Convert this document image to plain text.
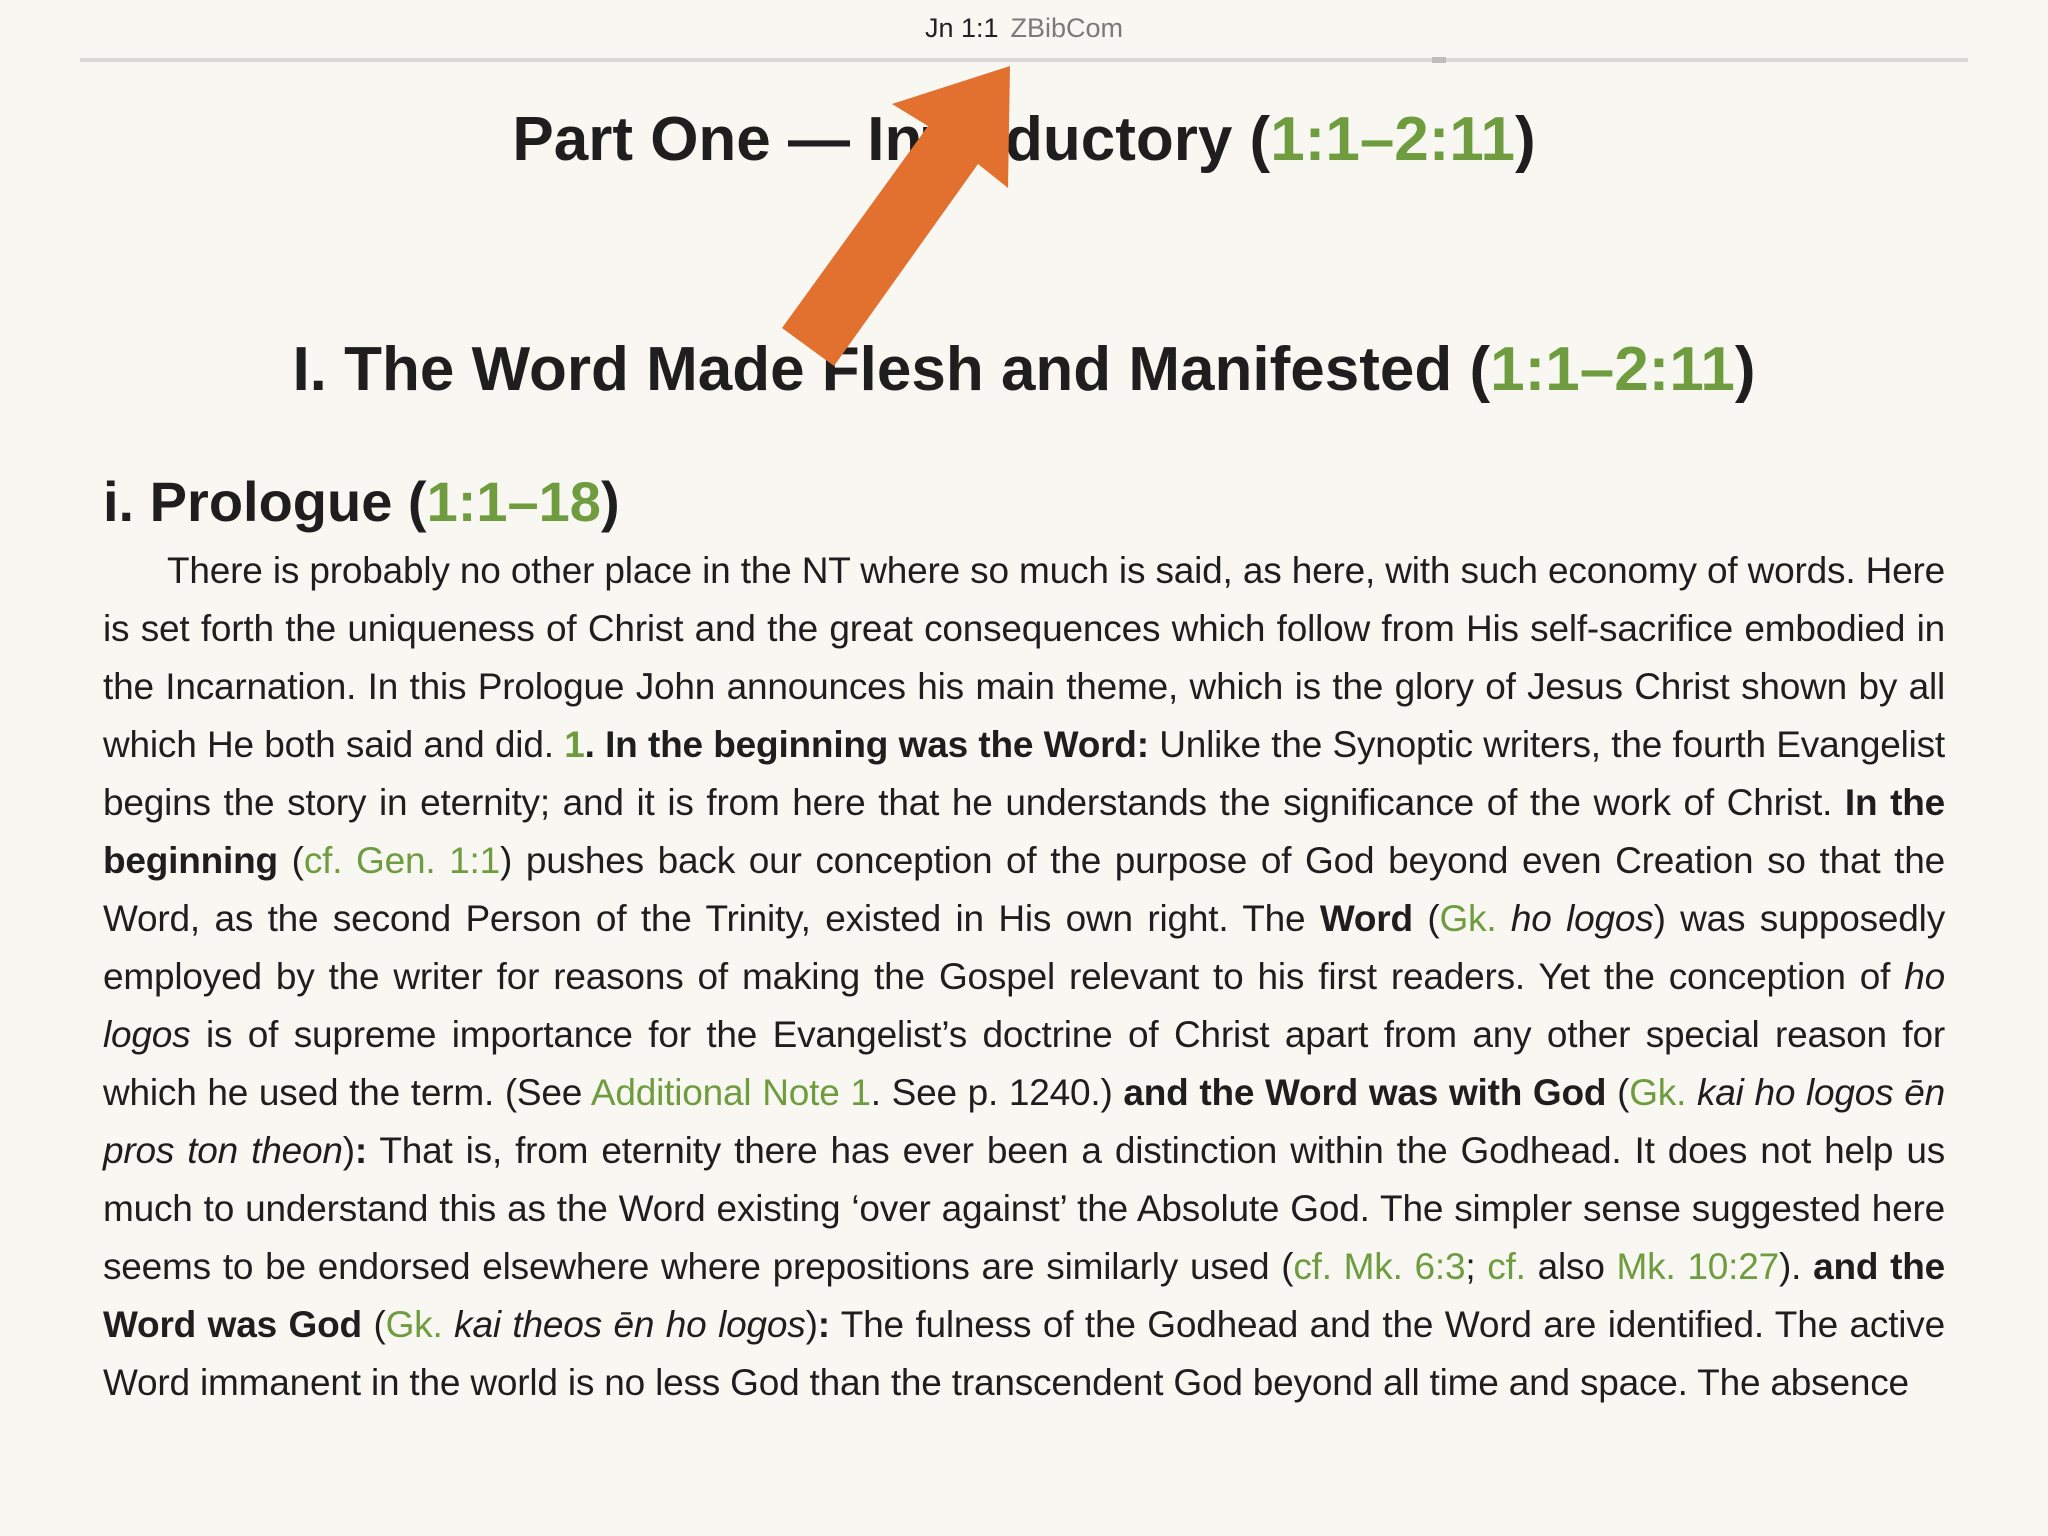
Jn 1:1 ZBibCom
Part One — Introductory (1:1–2:11)
I. The Word Made Flesh and Manifested (1:1–2:11)
i. Prologue (1:1–18)

There is probably no other place in the NT where so much is said, as here, with such economy of words. Here is set forth the uniqueness of Christ and the great consequences which follow from His self-sacrifice embodied in the Incarnation. In this Prologue John announces his main theme, which is the glory of Jesus Christ shown by all which He both said and did. 1. In the beginning was the Word: Unlike the Synoptic writers, the fourth Evangelist begins the story in eternity; and it is from here that he understands the significance of the work of Christ. In the beginning (cf. Gen. 1:1) pushes back our conception of the purpose of God beyond even Creation so that the Word, as the second Person of the Trinity, existed in His own right. The Word (Gk. ho logos) was supposedly employed by the writer for reasons of making the Gospel relevant to his first readers. Yet the conception of ho logos is of supreme importance for the Evangelist’s doctrine of Christ apart from any other special reason for which he used the term. (See Additional Note 1. See p. 1240.) and the Word was with God (Gk. kai ho logos ēn pros ton theon): That is, from eternity there has ever been a distinction within the Godhead. It does not help us much to understand this as the Word existing ‘over against’ the Absolute God. The simpler sense suggested here seems to be endorsed elsewhere where prepositions are similarly used (cf. Mk. 6:3; cf. also Mk. 10:27). and the Word was God (Gk. kai theos ēn ho logos): The fulness of the Godhead and the Word are identified. The active Word immanent in the world is no less God than the transcendent God beyond all time and space. The absence
